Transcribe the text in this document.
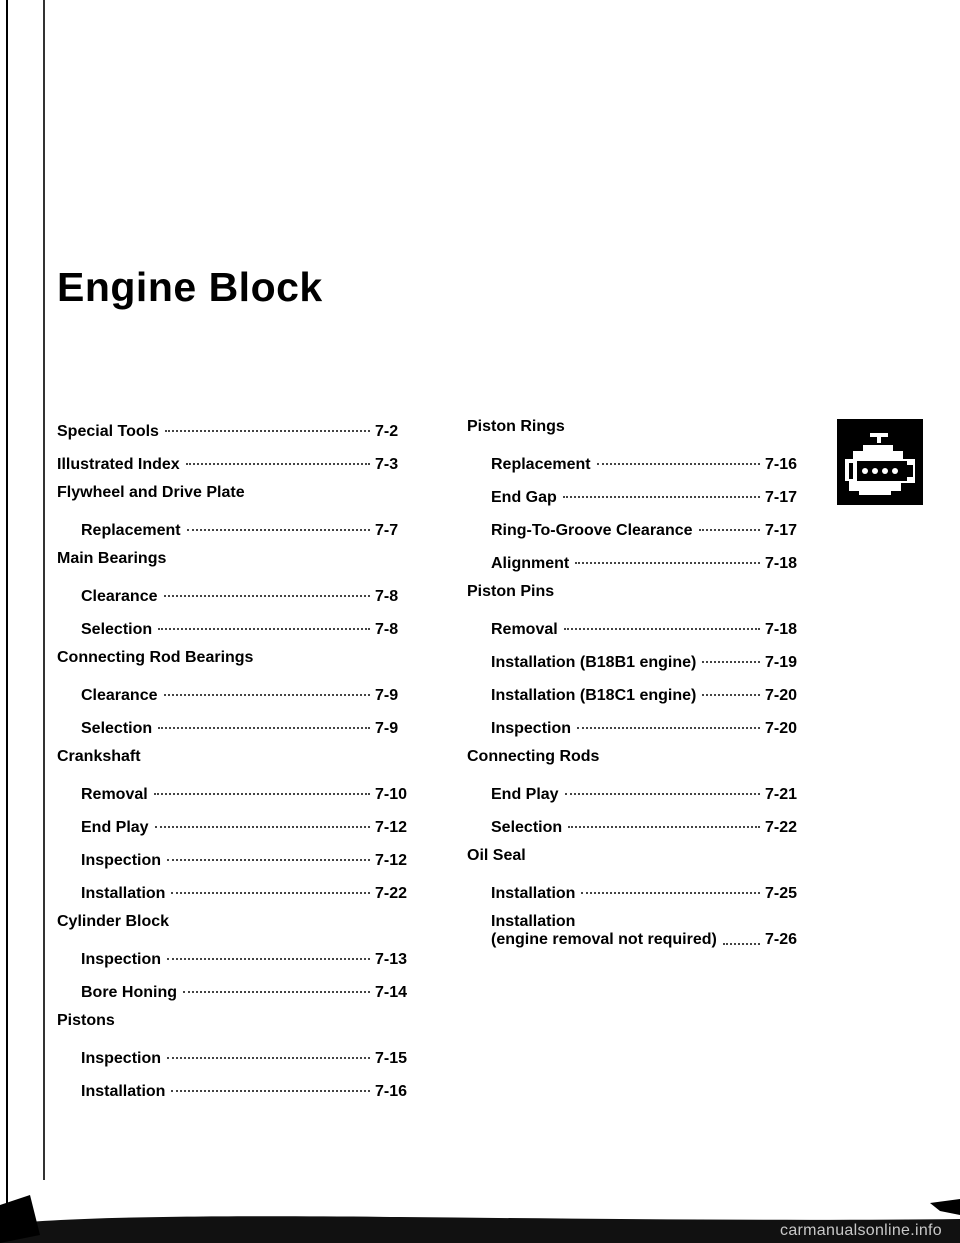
Engine Block
Special Tools	7-2
Illustrated Index	7-3
Flywheel and Drive Plate
Replacement	7-7
Main Bearings
Clearance	7-8
Selection	7-8
Connecting Rod Bearings
Clearance	7-9
Selection	7-9
Crankshaft
Removal	7-10
End Play	7-12
Inspection	7-12
Installation	7-22
Cylinder Block
Inspection	7-13
Bore Honing	7-14
Pistons
Inspection	7-15
Installation	7-16
Piston Rings
Replacement	7-16
End Gap	7-17
Ring-To-Groove Clearance	7-17
Alignment	7-18
Piston Pins
Removal	7-18
Installation (B18B1 engine)	7-19
Installation (B18C1 engine)	7-20
Inspection	7-20
Connecting Rods
End Play	7-21
Selection	7-22
Oil Seal
Installation	7-25
Installation
(engine removal not required)	7-26
carmanualsonline.info
